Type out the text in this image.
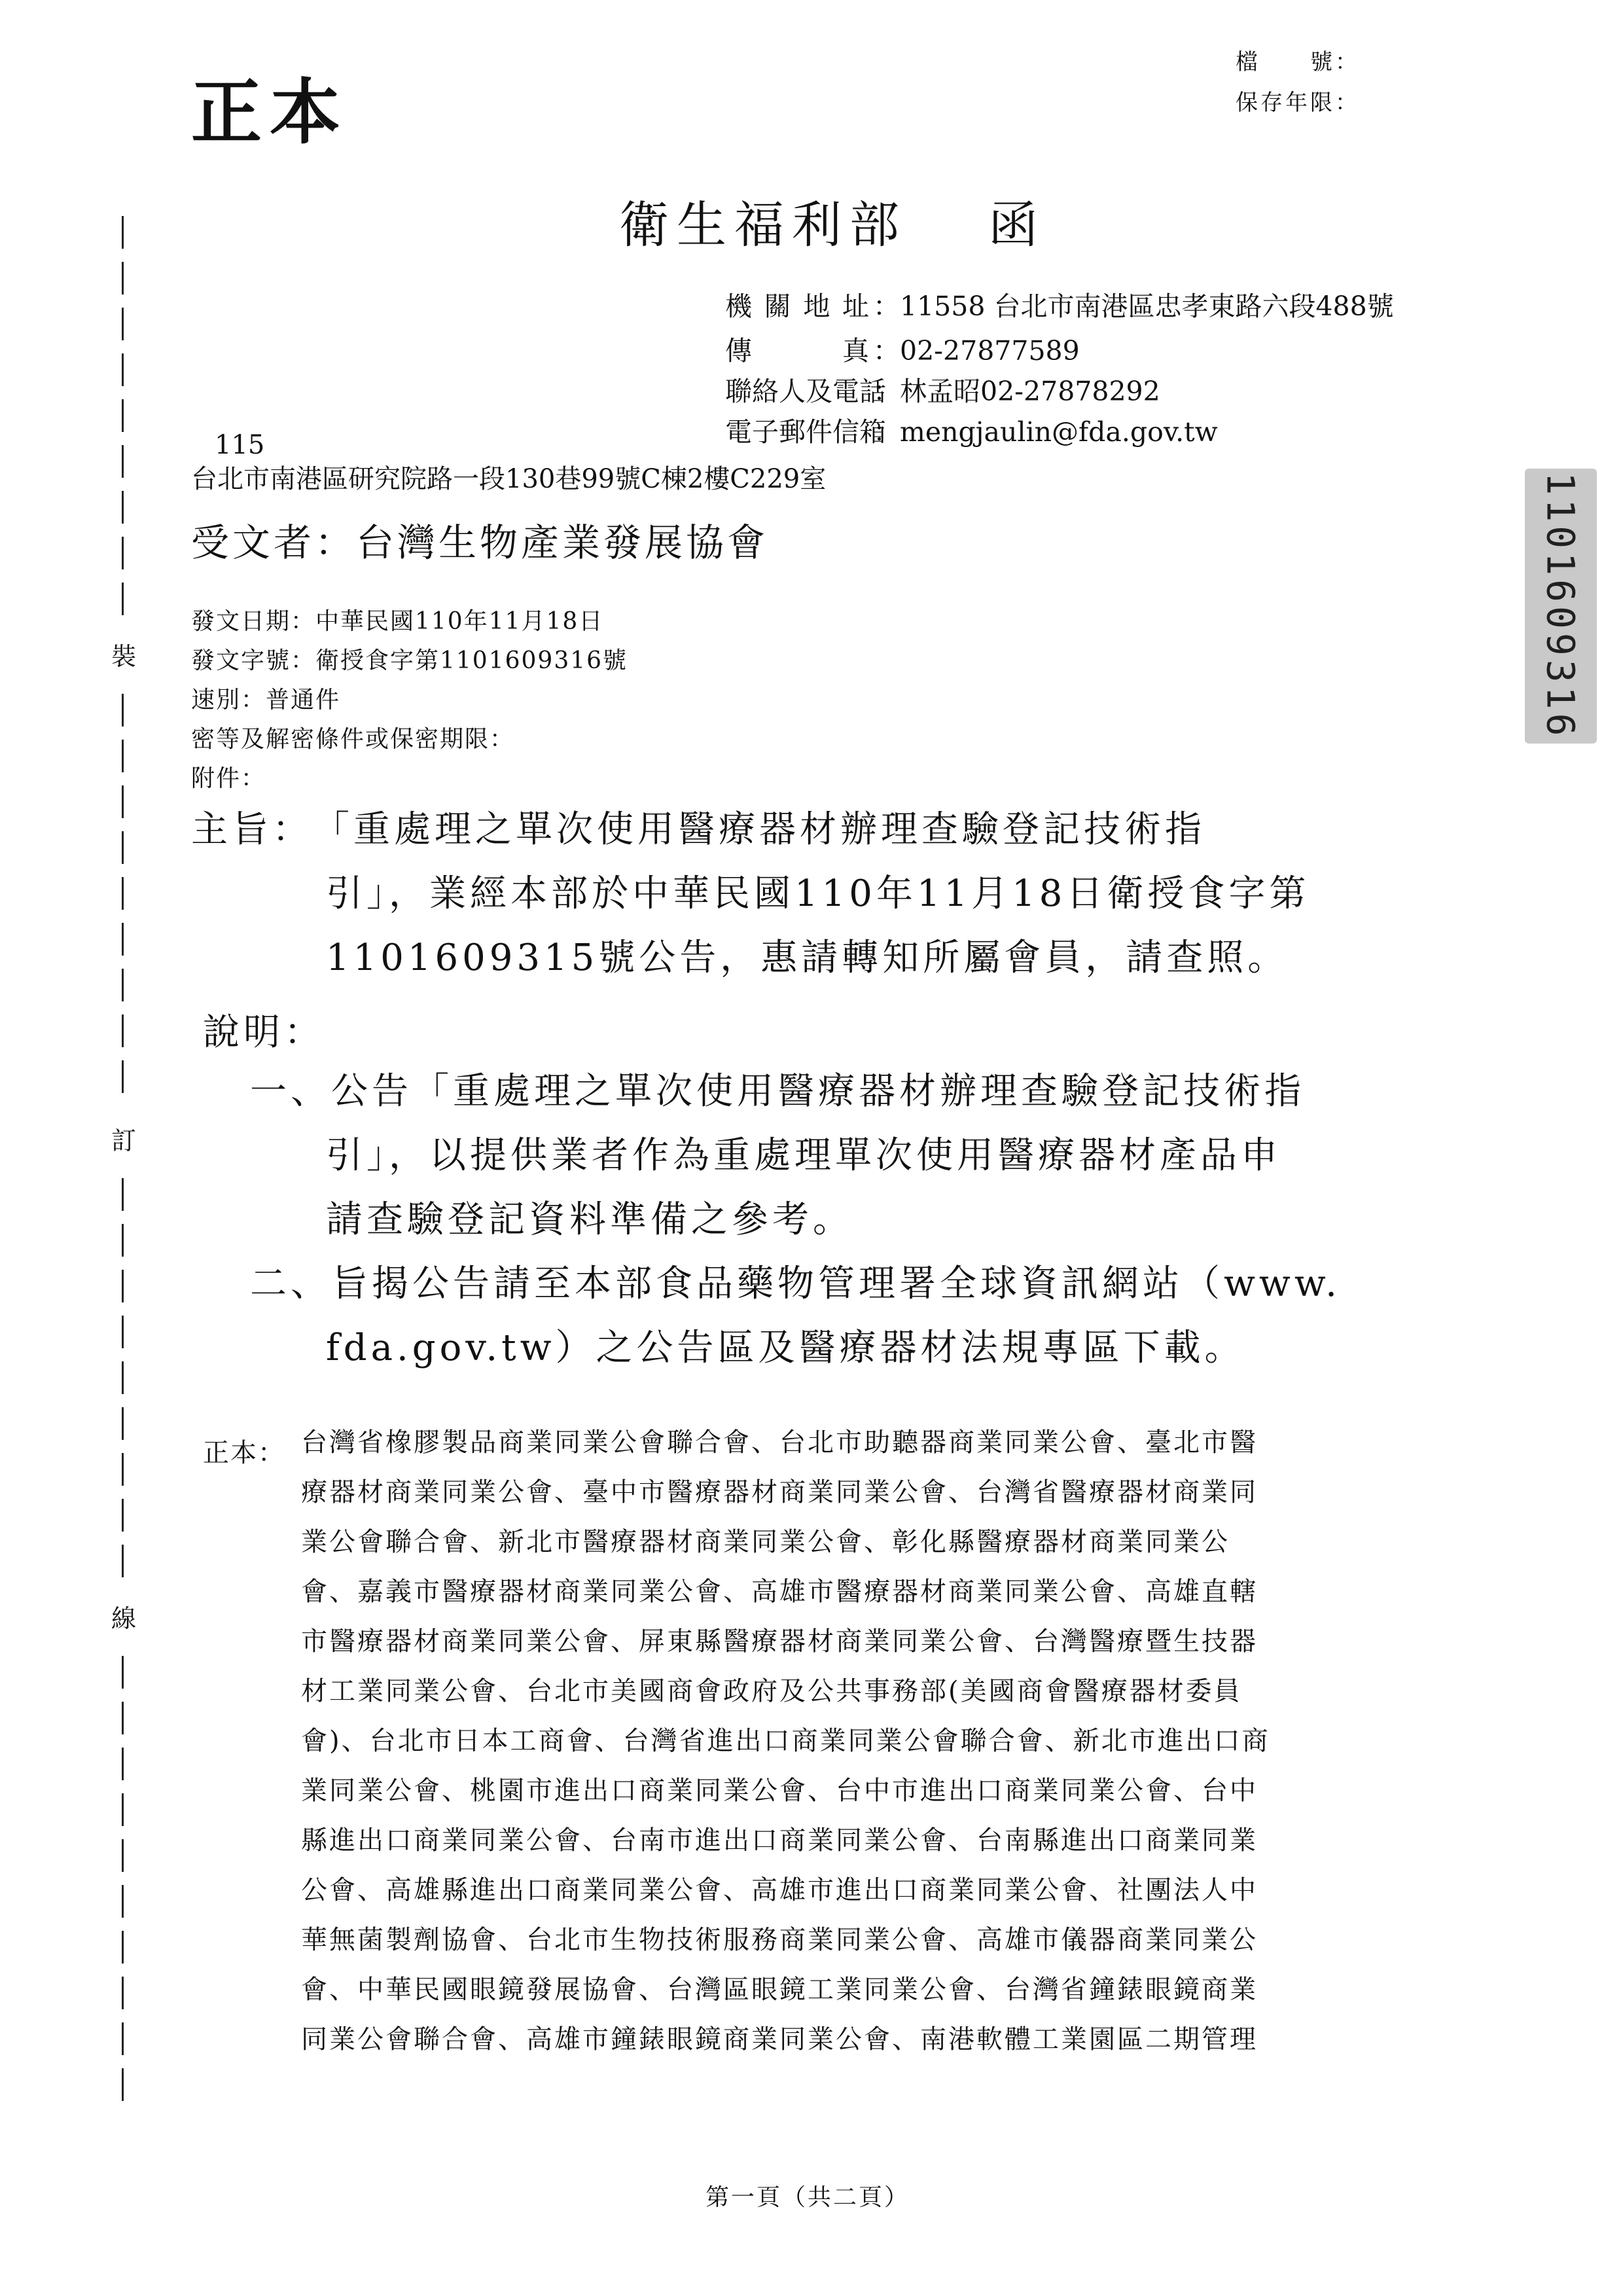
正本
檔　　號：
保存年限：
衛生福利部　 函
機關地址 ：11558 台北市南港區忠孝東路六段488號
傳　　真 ：02-27877589
聯絡人及電話：林孟昭02-27878292
電子郵件信箱：mengjaulin@fda.gov.tw
115
台北市南港區研究院路一段130巷99號C棟2樓C229室
受文者：台灣生物產業發展協會
發文日期：中華民國110年11月18日
發文字號：衛授食字第1101609316號
速別：普通件
密等及解密條件或保密期限：
附件：
主旨： 「重處理之單次使用醫療器材辦理查驗登記技術指
引」，業經本部於中華民國110年11月18日衛授食字第
1101609315號公告，惠請轉知所屬會員，請查照。
說明：
一、公告「重處理之單次使用醫療器材辦理查驗登記技術指
引」，以提供業者作為重處理單次使用醫療器材產品申
請查驗登記資料準備之參考。
二、旨揭公告請至本部食品藥物管理署全球資訊網站（www.
fda.gov.tw）之公告區及醫療器材法規專區下載。
正本： 台灣省橡膠製品商業同業公會聯合會、台北市助聽器商業同業公會、臺北市醫
療器材商業同業公會、臺中市醫療器材商業同業公會、台灣省醫療器材商業同
業公會聯合會、新北市醫療器材商業同業公會、彰化縣醫療器材商業同業公
會、嘉義市醫療器材商業同業公會、高雄市醫療器材商業同業公會、高雄直轄
市醫療器材商業同業公會、屏東縣醫療器材商業同業公會、台灣醫療暨生技器
材工業同業公會、台北市美國商會政府及公共事務部(美國商會醫療器材委員
會)、台北市日本工商會、台灣省進出口商業同業公會聯合會、新北市進出口商
業同業公會、桃園市進出口商業同業公會、台中市進出口商業同業公會、台中
縣進出口商業同業公會、台南市進出口商業同業公會、台南縣進出口商業同業
公會、高雄縣進出口商業同業公會、高雄市進出口商業同業公會、社團法人中
華無菌製劑協會、台北市生物技術服務商業同業公會、高雄市儀器商業同業公
會、中華民國眼鏡發展協會、台灣區眼鏡工業同業公會、台灣省鐘錶眼鏡商業
同業公會聯合會、高雄市鐘錶眼鏡商業同業公會、南港軟體工業園區二期管理
裝
訂
線
1101609316
第一頁（共二頁）
